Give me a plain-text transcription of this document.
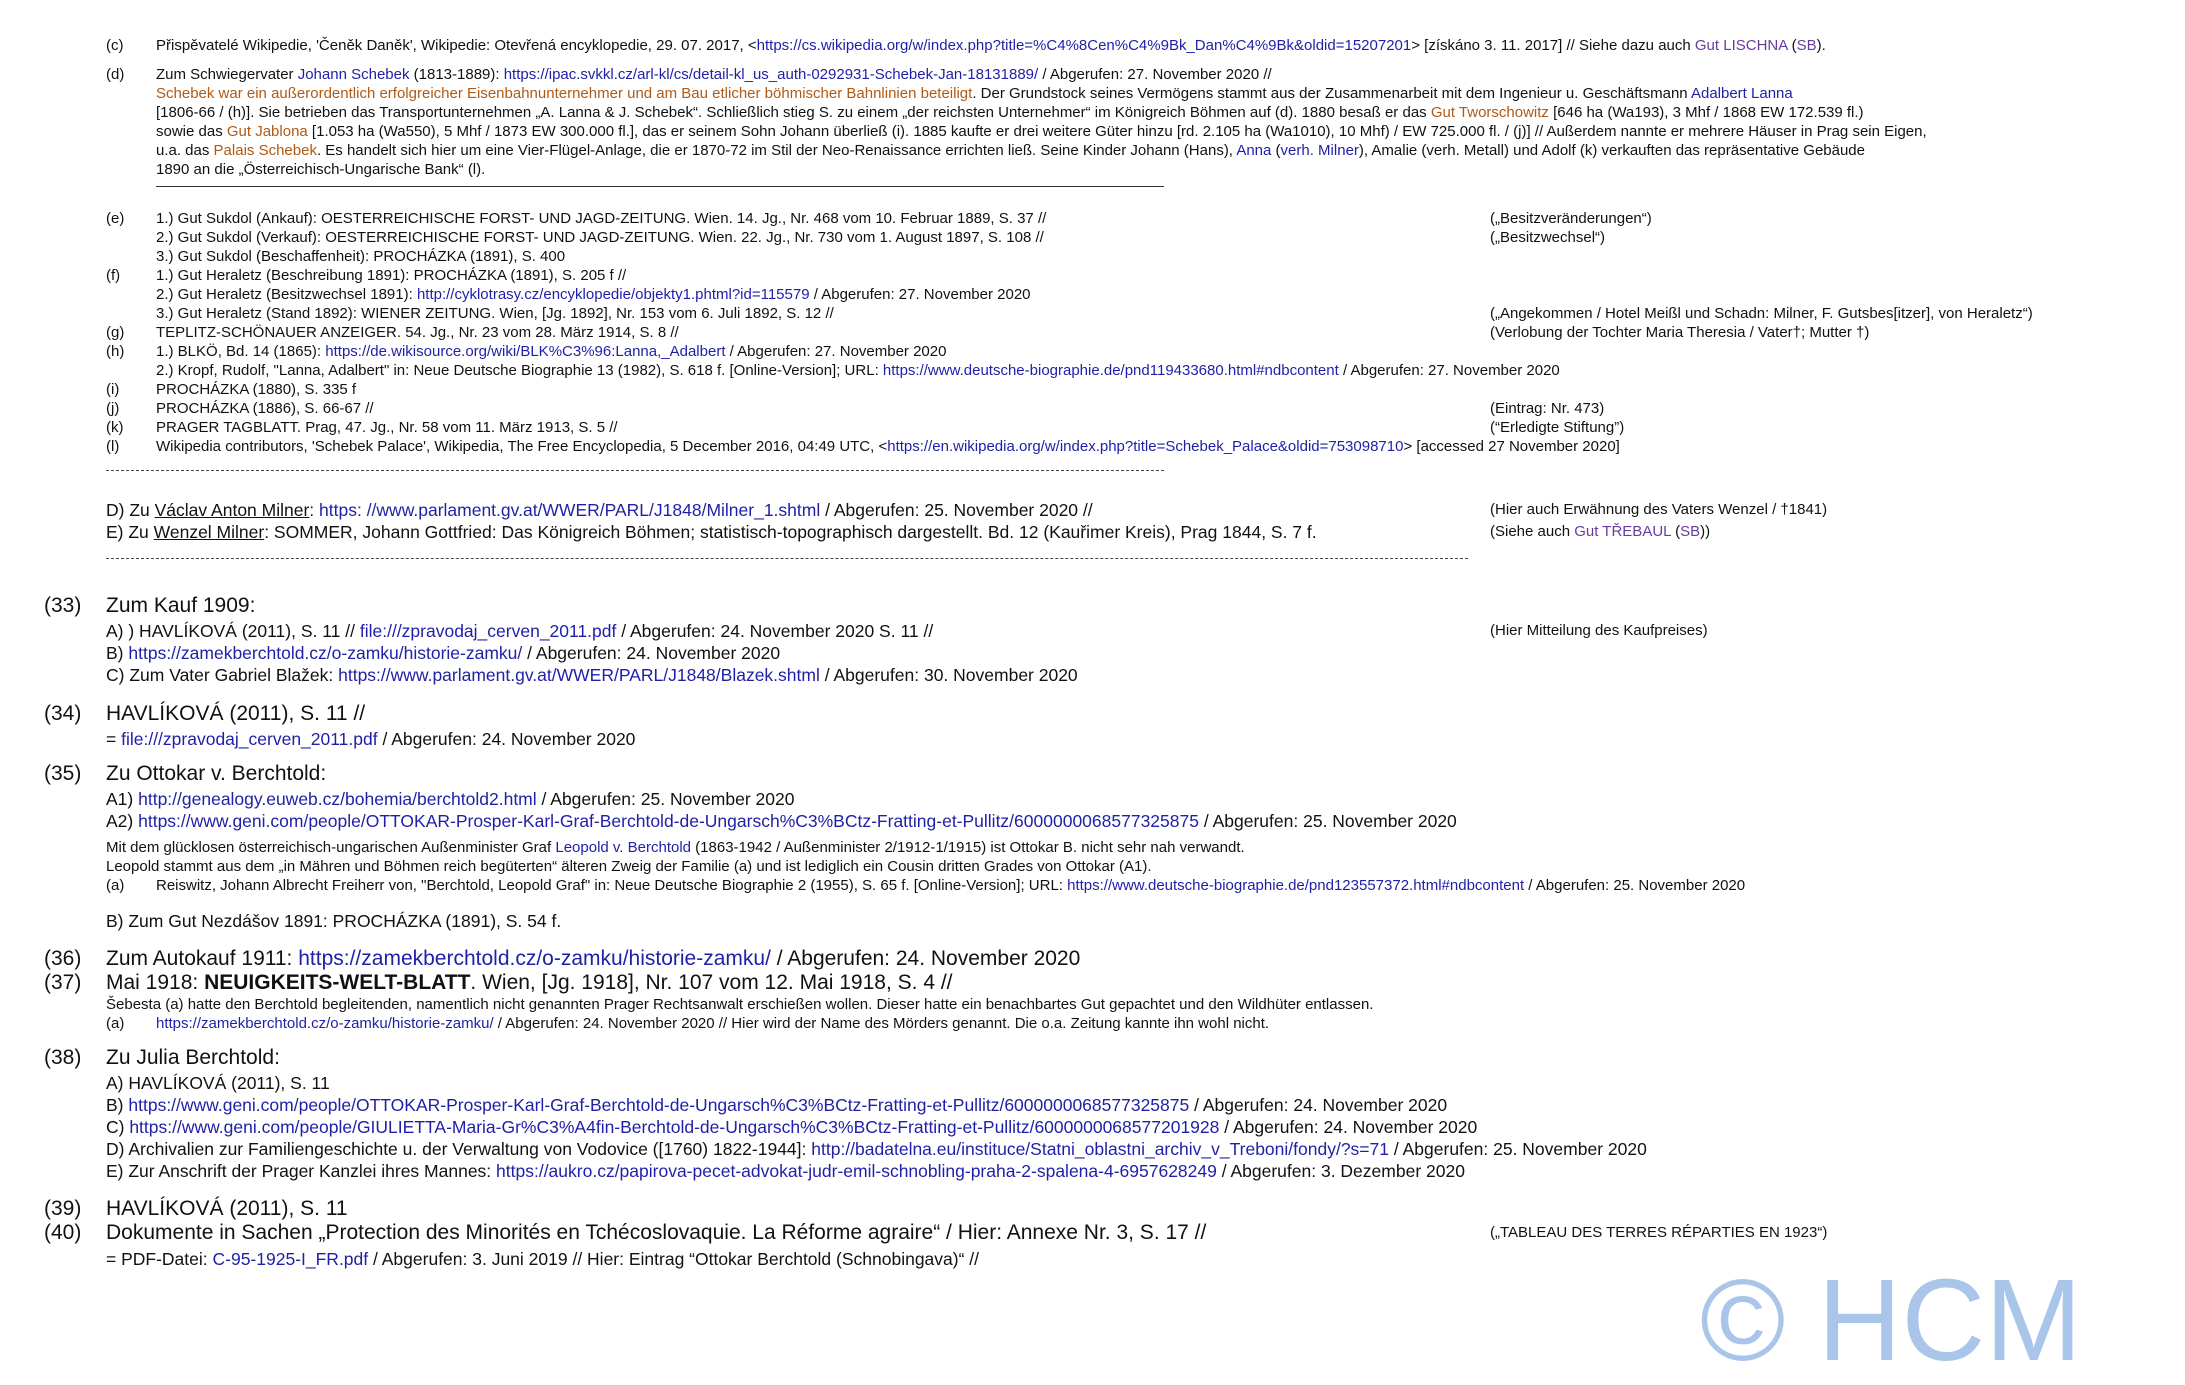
(c) Přispěvatelé Wikipedie, 'Čeněk Daněk', Wikipedie: Otevřená encyklopedie, 29. 07. 2017, <https://cs.wikipedia.org/w/index.php?title=%C4%8Cen%C4%9Bk_Dan%C4%9Bk&oldid=15207201> [získáno 3. 11. 2017] // Siehe dazu auch Gut LISCHNA (SB).
(d) Zum Schwiegervater Johann Schebek (1813-1889): https://ipac.svkkl.cz/arl-kl/cs/detail-kl_us_auth-0292931-Schebek-Jan-18131889/ / Abgerufen: 27. November 2020 //
Schebek war ein außerordentlich erfolgreicher Eisenbahnunternehmer und am Bau etlicher böhmischer Bahnlinien beteiligt. Der Grundstock seines Vermögens stammt aus der Zusammenarbeit mit dem Ingenieur u. Geschäftsmann Adalbert Lanna
[1806-66 / (h)]. Sie betrieben das Transportunternehmen „A. Lanna & J. Schebek“. Schließlich stieg S. zu einem „der reichsten Unternehmer“ im Königreich Böhmen auf (d). 1880 besaß er das Gut Tworschowitz [646 ha (Wa193), 3 Mhf / 1868 EW 172.539 fl.)
sowie das Gut Jablona [1.053 ha (Wa550), 5 Mhf / 1873 EW 300.000 fl.], das er seinem Sohn Johann überließ (i). 1885 kaufte er drei weitere Güter hinzu [rd. 2.105 ha (Wa1010), 10 Mhf) / EW 725.000 fl. / (j)] // Außerdem nannte er mehrere Häuser in Prag sein Eigen,
u.a. das Palais Schebek. Es handelt sich hier um eine Vier-Flügel-Anlage, die er 1870-72 im Stil der Neo-Renaissance errichten ließ. Seine Kinder Johann (Hans), Anna (verh. Milner), Amalie (verh. Metall) und Adolf (k) verkauften das repräsentative Gebäude
1890 an die „Österreichisch-Ungarische Bank“ (l).
(e) 1.) Gut Sukdol (Ankauf): OESTERREICHISCHE FORST- UND JAGD-ZEITUNG. Wien. 14. Jg., Nr. 468 vom 10. Februar 1889, S. 37 //	(„Besitzveränderungen“)
2.) Gut Sukdol (Verkauf): OESTERREICHISCHE FORST- UND JAGD-ZEITUNG. Wien. 22. Jg., Nr. 730 vom 1. August 1897, S. 108 //	(„Besitzwechsel“)
3.) Gut Sukdol (Beschaffenheit): PROCHÁZKA (1891), S. 400
(f) 1.) Gut Heraletz (Beschreibung 1891): PROCHÁZKA (1891), S. 205 f //
2.) Gut Heraletz (Besitzwechsel 1891): http://cyklotrasy.cz/encyklopedie/objekty1.phtml?id=115579 / Abgerufen: 27. November 2020
3.) Gut Heraletz (Stand 1892): WIENER ZEITUNG. Wien, [Jg. 1892], Nr. 153 vom 6. Juli 1892, S. 12 //	(„Angekommen / Hotel Meißl und Schadn: Milner, F. Gutsbes[itzer], von Heraletz“)
(g) TEPLITZ-SCHÖNAUER ANZEIGER. 54. Jg., Nr. 23 vom 28. März 1914, S. 8 //	(Verlobung der Tochter Maria Theresia / Vater†; Mutter †)
(h) 1.) BLKÖ, Bd. 14 (1865): https://de.wikisource.org/wiki/BLK%C3%96:Lanna,_Adalbert / Abgerufen: 27. November 2020
2.) Kropf, Rudolf, "Lanna, Adalbert" in: Neue Deutsche Biographie 13 (1982), S. 618 f. [Online-Version]; URL: https://www.deutsche-biographie.de/pnd119433680.html#ndbcontent / Abgerufen: 27. November 2020
(i) PROCHÁZKA (1880), S. 335 f
(j) PROCHÁZKA (1886), S. 66-67 //	(Eintrag: Nr. 473)
(k) PRAGER TAGBLATT. Prag, 47. Jg., Nr. 58 vom 11. März 1913, S. 5 //	(“Erledigte Stiftung”)
(l) Wikipedia contributors, 'Schebek Palace', Wikipedia, The Free Encyclopedia, 5 December 2016, 04:49 UTC, <https://en.wikipedia.org/w/index.php?title=Schebek_Palace&oldid=753098710> [accessed 27 November 2020]
D) Zu Václav Anton Milner: https: //www.parlament.gv.at/WWER/PARL/J1848/Milner_1.shtml / Abgerufen: 25. November 2020 //	(Hier auch Erwähnung des Vaters Wenzel / †1841)
E) Zu Wenzel Milner: SOMMER, Johann Gottfried: Das Königreich Böhmen; statistisch-topographisch dargestellt. Bd. 12 (Kauřimer Kreis), Prag 1844, S. 7 f.	(Siehe auch Gut TŘEBAUL (SB))
(33) Zum Kauf 1909:
A) ) HAVLÍKOVÁ (2011), S. 11 // file:///zpravodaj_cerven_2011.pdf / Abgerufen: 24. November 2020 S. 11 //	(Hier Mitteilung des Kaufpreises)
B) https://zamekberchtold.cz/o-zamku/historie-zamku/ / Abgerufen: 24. November 2020
C) Zum Vater Gabriel Blažek: https://www.parlament.gv.at/WWER/PARL/J1848/Blazek.shtml / Abgerufen: 30. November 2020
(34) HAVLÍKOVÁ (2011), S. 11 //
= file:///zpravodaj_cerven_2011.pdf / Abgerufen: 24. November 2020
(35) Zu Ottokar v. Berchtold:
A1) http://genealogy.euweb.cz/bohemia/berchtold2.html / Abgerufen: 25. November 2020
A2) https://www.geni.com/people/OTTOKAR-Prosper-Karl-Graf-Berchtold-de-Ungarsch%C3%BCtz-Fratting-et-Pullitz/6000000068577325875 / Abgerufen: 25. November 2020
Mit dem glücklosen österreichisch-ungarischen Außenminister Graf Leopold v. Berchtold (1863-1942 / Außenminister 2/1912-1/1915) ist Ottokar B. nicht sehr nah verwandt.
Leopold stammt aus dem „in Mähren und Böhmen reich begüterten“ älteren Zweig der Familie (a) und ist lediglich ein Cousin dritten Grades von Ottokar (A1).
(a) Reiswitz, Johann Albrecht Freiherr von, "Berchtold, Leopold Graf" in: Neue Deutsche Biographie 2 (1955), S. 65 f. [Online-Version]; URL: https://www.deutsche-biographie.de/pnd123557372.html#ndbcontent / Abgerufen: 25. November 2020
B) Zum Gut Nezdášov 1891: PROCHÁZKA (1891), S. 54 f.
(36) Zum Autokauf 1911: https://zamekberchtold.cz/o-zamku/historie-zamku/ / Abgerufen: 24. November 2020
(37) Mai 1918: NEUIGKEITS-WELT-BLATT. Wien, [Jg. 1918], Nr. 107 vom 12. Mai 1918, S. 4 //
Šebesta (a) hatte den Berchtold begleitenden, namentlich nicht genannten Prager Rechtsanwalt erschießen wollen. Dieser hatte ein benachbartes Gut gepachtet und den Wildhüter entlassen.
(a) https://zamekberchtold.cz/o-zamku/historie-zamku/ / Abgerufen: 24. November 2020 // Hier wird der Name des Mörders genannt. Die o.a. Zeitung kannte ihn wohl nicht.
(38) Zu Julia Berchtold:
A) HAVLÍKOVÁ (2011), S. 11
B) https://www.geni.com/people/OTTOKAR-Prosper-Karl-Graf-Berchtold-de-Ungarsch%C3%BCtz-Fratting-et-Pullitz/6000000068577325875 / Abgerufen: 24. November 2020
C) https://www.geni.com/people/GIULIETTA-Maria-Gr%C3%A4fin-Berchtold-de-Ungarsch%C3%BCtz-Fratting-et-Pullitz/6000000068577201928 / Abgerufen: 24. November 2020
D) Archivalien zur Familiengeschichte u. der Verwaltung von Vodovice ([1760) 1822-1944]: http://badatelna.eu/instituce/Statni_oblastni_archiv_v_Treboni/fondy/?s=71 / Abgerufen: 25. November 2020
E) Zur Anschrift der Prager Kanzlei ihres Mannes: https://aukro.cz/papirova-pecet-advokat-judr-emil-schnobling-praha-2-spalena-4-6957628249 / Abgerufen: 3. Dezember 2020
(39) HAVLÍKOVÁ (2011), S. 11
(40) Dokumente in Sachen „Protection des Minorités en Tchécoslovaquie. La Réforme agraire“ / Hier: Annexe Nr. 3, S. 17 //	(„TABLEAU DES TERRES RÉPARTIES EN 1923“)
= PDF-Datei: C-95-1925-I_FR.pdf / Abgerufen: 3. Juni 2019 // Hier: Eintrag “Ottokar Berchtold (Schnobingava)“ //	© HCM
